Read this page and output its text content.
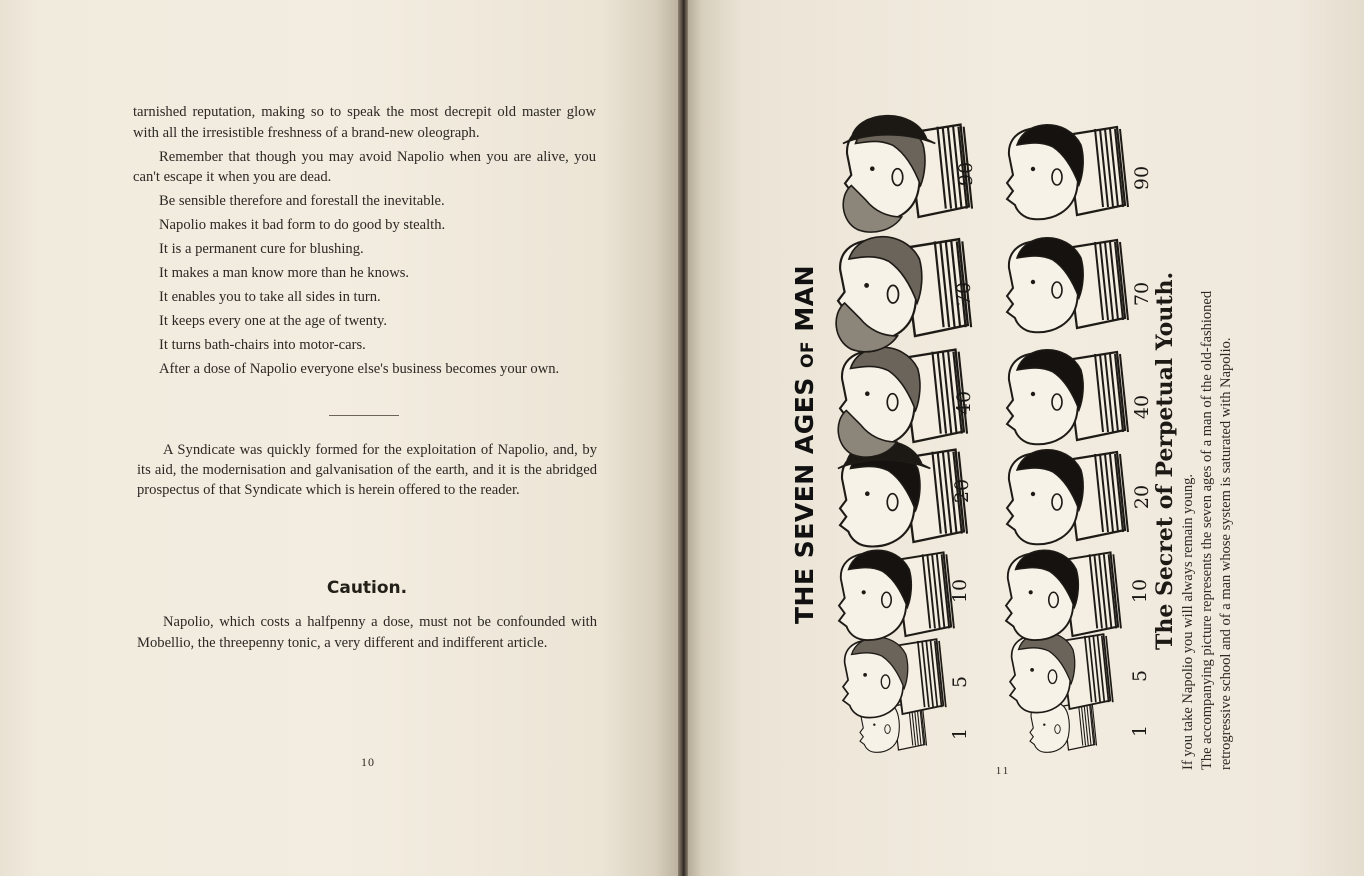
tarnished reputation, making so to speak the most decrepit old master glow with all the irresistible freshness of a brand-new oleograph.

Remember that though you may avoid Napolio when you are alive, you can't escape it when you are dead.

Be sensible therefore and forestall the inevitable.

Napolio makes it bad form to do good by stealth.

It is a permanent cure for blushing.

It makes a man know more than he knows.

It enables you to take all sides in turn.

It keeps every one at the age of twenty.

It turns bath-chairs into motor-cars.

After a dose of Napolio everyone else's business becomes your own.

A Syndicate was quickly formed for the exploitation of Napolio, and, by its aid, the modernisation and galvanisation of the earth, and it is the abridged prospectus of that Syndicate which is herein offered to the reader.

Caution.

Napolio, which costs a halfpenny a dose, must not be confounded with Mobellio, the threepenny tonic, a very different and indifferent article.

10
THE SEVEN AGES OF MAN
1
5
10
20
40
70
90
1
5
10
20
40
70
90
The Secret of Perpetual Youth. If you take Napolio you will always remain young. The accompanying picture represents the seven ages of a man of the old-fashioned retrogressive school and of a man whose system is saturated with Napolio.
11
